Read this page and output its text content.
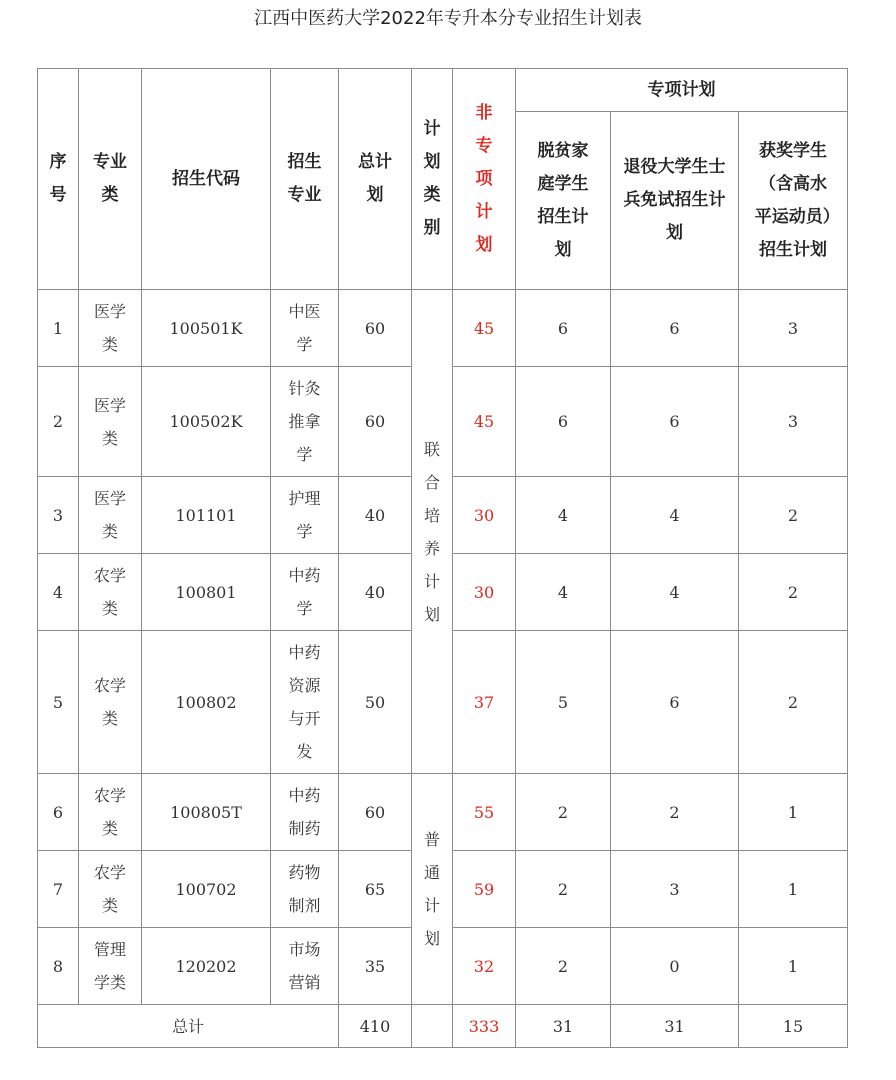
江西中医药大学2022年专升本分专业招生计划表
序号	专业类	招生代码	招生专业	总计划	计划类别	非专项计划	专项计划		
							脱贫家庭学生招生计划	退役大学生士兵免试招生计划	获奖学生（含高水平运动员）招生计划
1	医学类	100501K	中医学	60	联合培养计划	45	6	6	3
2	医学类	100502K	针灸推拿学	60		45	6	6	3
3	医学类	101101	护理学	40		30	4	4	2
4	农学类	100801	中药学	40		30	4	4	2
5	农学类	100802	中药资源与开发	50		37	5	6	2
6	农学类	100805T	中药制药	60	普通计划	55	2	2	1
7	农学类	100702	药物制剂	65		59	2	3	1
8	管理学类	120202	市场营销	35		32	2	0	1
总计				410		333	31	31	15
